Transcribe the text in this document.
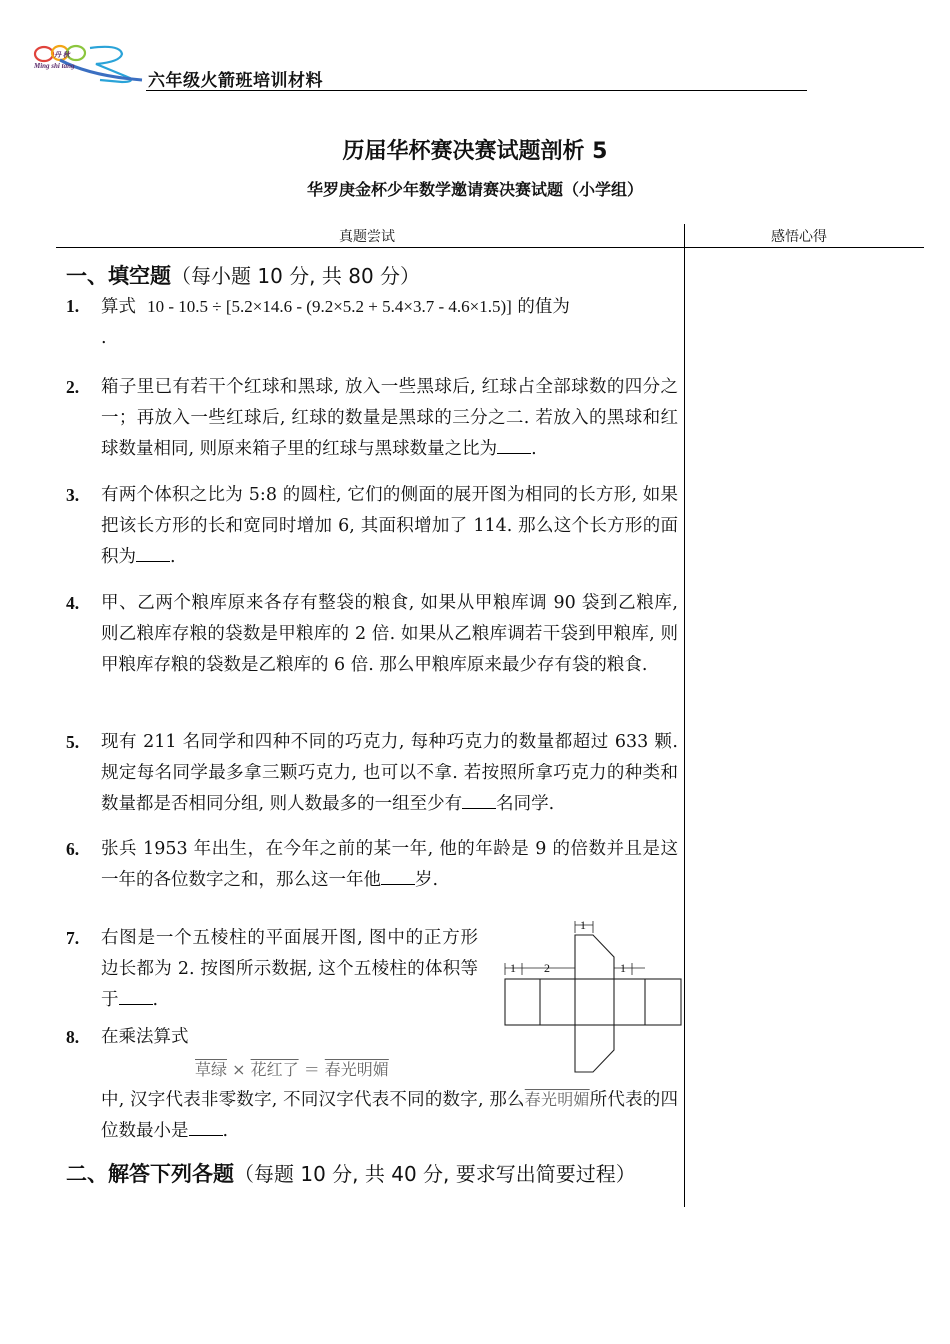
丹 秋
Ming shi tang
六年级火箭班培训材料
历届华杯赛决赛试题剖析 5
华罗庚金杯少年数学邀请赛决赛试题（小学组）
真题尝试	感悟心得
一、填空题（每小题 10 分, 共 80 分）
1. 算式 10 - 10.5 ÷ [5.2×14.6 - (9.2×5.2 + 5.4×3.7 - 4.6×1.5)] 的值为
.
2. 箱子里已有若干个红球和黑球, 放入一些黑球后, 红球占全部球数的四分之一；再放入一些红球后, 红球的数量是黑球的三分之二. 若放入的黑球和红球数量相同, 则原来箱子里的红球与黑球数量之比为 .
3. 有两个体积之比为 5:8 的圆柱, 它们的侧面的展开图为相同的长方形, 如果把该长方形的长和宽同时增加 6, 其面积增加了 114. 那么这个长方形的面积为 .
4. 甲、乙两个粮库原来各存有整袋的粮食, 如果从甲粮库调 90 袋到乙粮库, 则乙粮库存粮的袋数是甲粮库的 2 倍. 如果从乙粮库调若干袋到甲粮库, 则甲粮库存粮的袋数是乙粮库的 6 倍. 那么甲粮库原来最少存有袋的粮食.
5. 现有 211 名同学和四种不同的巧克力, 每种巧克力的数量都超过 633 颗. 规定每名同学最多拿三颗巧克力, 也可以不拿. 若按照所拿巧克力的种类和数量都是否相同分组, 则人数最多的一组至少有 名同学.
6. 张兵 1953 年出生，在今年之前的某一年, 他的年龄是 9 的倍数并且是这一年的各位数字之和，那么这一年他 岁.
7. 右图是一个五棱柱的平面展开图, 图中的正方形边长都为 2. 按图所示数据, 这个五棱柱的体积等于 .
1
1 2	1
8. 在乘法算式
中, 汉字代表非零数字, 不同汉字代表不同的数字, 那么春光明媚所代表的四位数最小是 .
草绿 × 花红了 ＝ 春光明媚
二、解答下列各题（每题 10 分, 共 40 分, 要求写出简要过程）
